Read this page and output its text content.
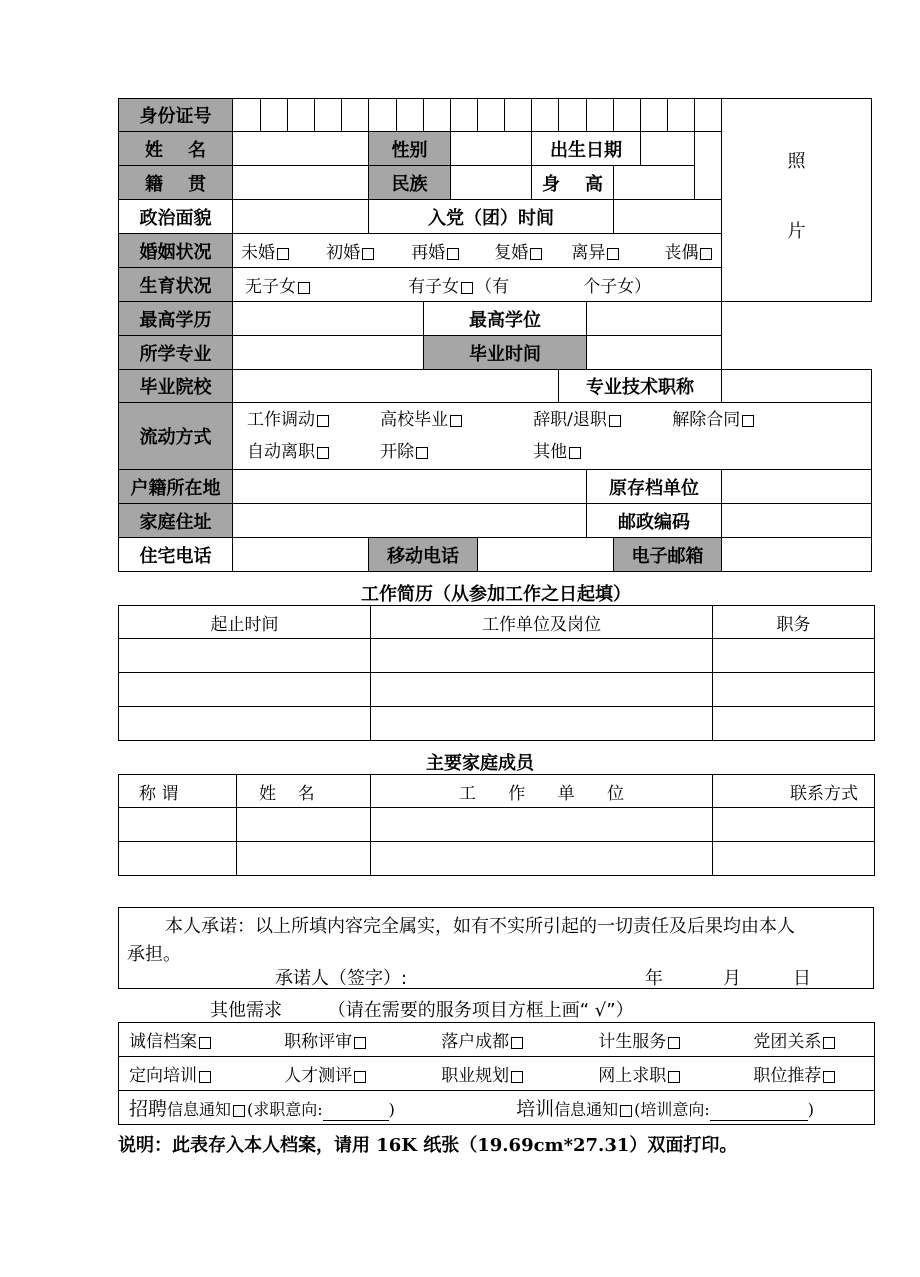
身份证号																			照
片

姓    名						性别						出生日期							
籍    贯						民族						身    高							
政治面貌						入党（团）时间													
婚姻状况	未婚 初婚 再婚 复婚 离异 丧偶																		
生育状况	无子女 有子女 （有 个子女）																		
最高学历								最高学位											
所学专业								毕业时间											
毕业院校													专业技术职称						
流动方式	工作调动 高校毕业 辞职/退职 解除合同
自动离职 开除 其他																		

户籍所在地														原存档单位					
家庭住址														邮政编码					
住宅电话						移动电话									电子邮箱				
工作简历（从参加工作之日起填）
起止时间	工作单位及岗位	职务

主要家庭成员
称 谓	姓    名	工      作      单      位	联系方式

本人承诺：以上所填内容完全属实，如有不实所引起的一切责任及后果均由本人
承担。
承诺人（签字）:	年	月	日
其他需求	（请在需要的服务项目方框上画“ √”）
诚信档案	职称评审	落户成都	计生服务	党团关系
定向培训	人才测评	职业规划	网上求职	职位推荐
招聘信息通知 (求职意向:	)	培训信息通知 (培训意向:	)
说明：此表存入本人档案，请用 16K 纸张（19.69cm*27.31）双面打印。
